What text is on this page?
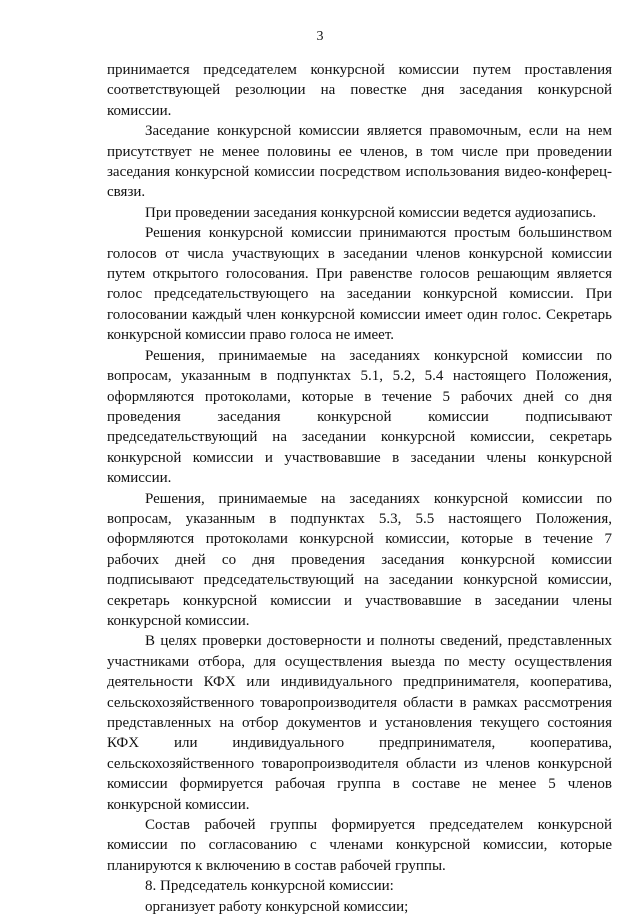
3

принимается председателем конкурсной комиссии путем проставления соответствующей резолюции на повестке дня заседания конкурсной комиссии.

Заседание конкурсной комиссии является правомочным, если на нем присутствует не менее половины ее членов, в том числе при проведении заседания конкурсной комиссии посредством использования видео-конферец-связи.

При проведении заседания конкурсной комиссии ведется аудиозапись.

Решения конкурсной комиссии принимаются простым большинством голосов от числа участвующих в заседании членов конкурсной комиссии путем открытого голосования. При равенстве голосов решающим является голос председательствующего на заседании конкурсной комиссии. При голосовании каждый член конкурсной комиссии имеет один голос. Секретарь конкурсной комиссии право голоса не имеет.

Решения, принимаемые на заседаниях конкурсной комиссии по вопросам, указанным в подпунктах 5.1, 5.2, 5.4 настоящего Положения, оформляются протоколами, которые в течение 5 рабочих дней со дня проведения заседания конкурсной комиссии подписывают председательствующий на заседании конкурсной комиссии, секретарь конкурсной комиссии и участвовавшие в заседании члены конкурсной комиссии.

Решения, принимаемые на заседаниях конкурсной комиссии по вопросам, указанным в подпунктах 5.3, 5.5 настоящего Положения, оформляются протоколами конкурсной комиссии, которые в течение 7 рабочих дней со дня проведения заседания конкурсной комиссии подписывают председательствующий на заседании конкурсной комиссии, секретарь конкурсной комиссии и участвовавшие в заседании члены конкурсной комиссии.

В целях проверки достоверности и полноты сведений, представленных участниками отбора, для осуществления выезда по месту осуществления деятельности КФХ или индивидуального предпринимателя, кооператива, сельскохозяйственного товаропроизводителя области в рамках рассмотрения представленных на отбор документов и установления текущего состояния КФХ или индивидуального предпринимателя, кооператива, сельскохозяйственного товаропроизводителя области из членов конкурсной комиссии формируется рабочая группа в составе не менее 5 членов конкурсной комиссии.

Состав рабочей группы формируется председателем конкурсной комиссии по согласованию с членами конкурсной комиссии, которые планируются к включению в состав рабочей группы.

8. Председатель конкурсной комиссии:

организует работу конкурсной комиссии;
